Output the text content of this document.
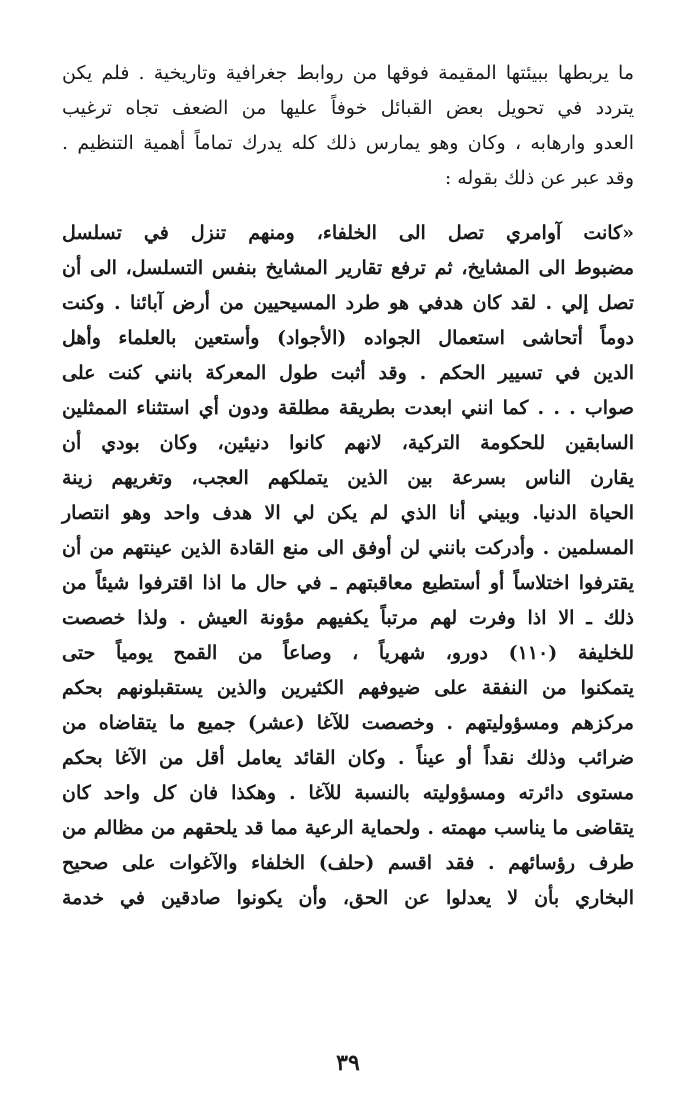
ما يربطها ببيئتها المقيمة فوقها من روابط جغرافية وتاريخية . فلم يكن
يتردد في تحويل بعض القبائل خوفاً عليها من الضعف تجاه ترغيب
العدو وارهابه ، وكان وهو يمارس ذلك كله يدرك تماماً أهمية التنظيم .
وقد عبر عن ذلك بقوله :
«كانت آوامري تصل الى الخلفاء، ومنهم تنزل في تسلسل
مضبوط الى المشايخ، ثم ترفع تقارير المشايخ بنفس التسلسل، الى أن
تصل إلي . لقد كان هدفي هو طرد المسيحيين من أرض آبائنا . وكنت
دوماً أتحاشى استعمال الجواده (الأجواد) وأستعين بالعلماء وأهل
الدين في تسيير الحكم . وقد أثبت طول المعركة بانني كنت على
صواب . . . كما انني ابعدت بطريقة مطلقة ودون أي استثناء الممثلين
السابقين للحكومة التركية، لانهم كانوا دنيئين، وكان بودي أن
يقارن الناس بسرعة بين الذين يتملكهم العجب، وتغريهم زينة
الحياة الدنيا. وبيني أنا الذي لم يكن لي الا هدف واحد وهو انتصار
المسلمين . وأدركت بانني لن أوفق الى منع القادة الذين عينتهم من أن
يقترفوا اختلاساً أو أستطيع معاقبتهم ـ في حال ما اذا اقترفوا شيئاً من
ذلك ـ الا اذا وفرت لهم مرتباً يكفيهم مؤونة العيش . ولذا خصصت
للخليفة (١١٠) دورو، شهرياً ، وصاعاً من القمح يومياً حتى
يتمكنوا من النفقة على ضيوفهم الكثيرين والذين يستقبلونهم بحكم
مركزهم ومسؤوليتهم . وخصصت للآغا (عشر) جميع ما يتقاضاه من
ضرائب وذلك نقداً أو عيناً . وكان القائد يعامل أقل من الآغا بحكم
مستوى دائرته ومسؤوليته بالنسبة للآغا . وهكذا فان كل واحد كان
يتقاضى ما يناسب مهمته . ولحماية الرعية مما قد يلحقهم من مظالم من
طرف رؤسائهم . فقد اقسم (حلف) الخلفاء والآغوات على صحيح
البخاري بأن لا يعدلوا عن الحق، وأن يكونوا صادقين في خدمة
٣٩
